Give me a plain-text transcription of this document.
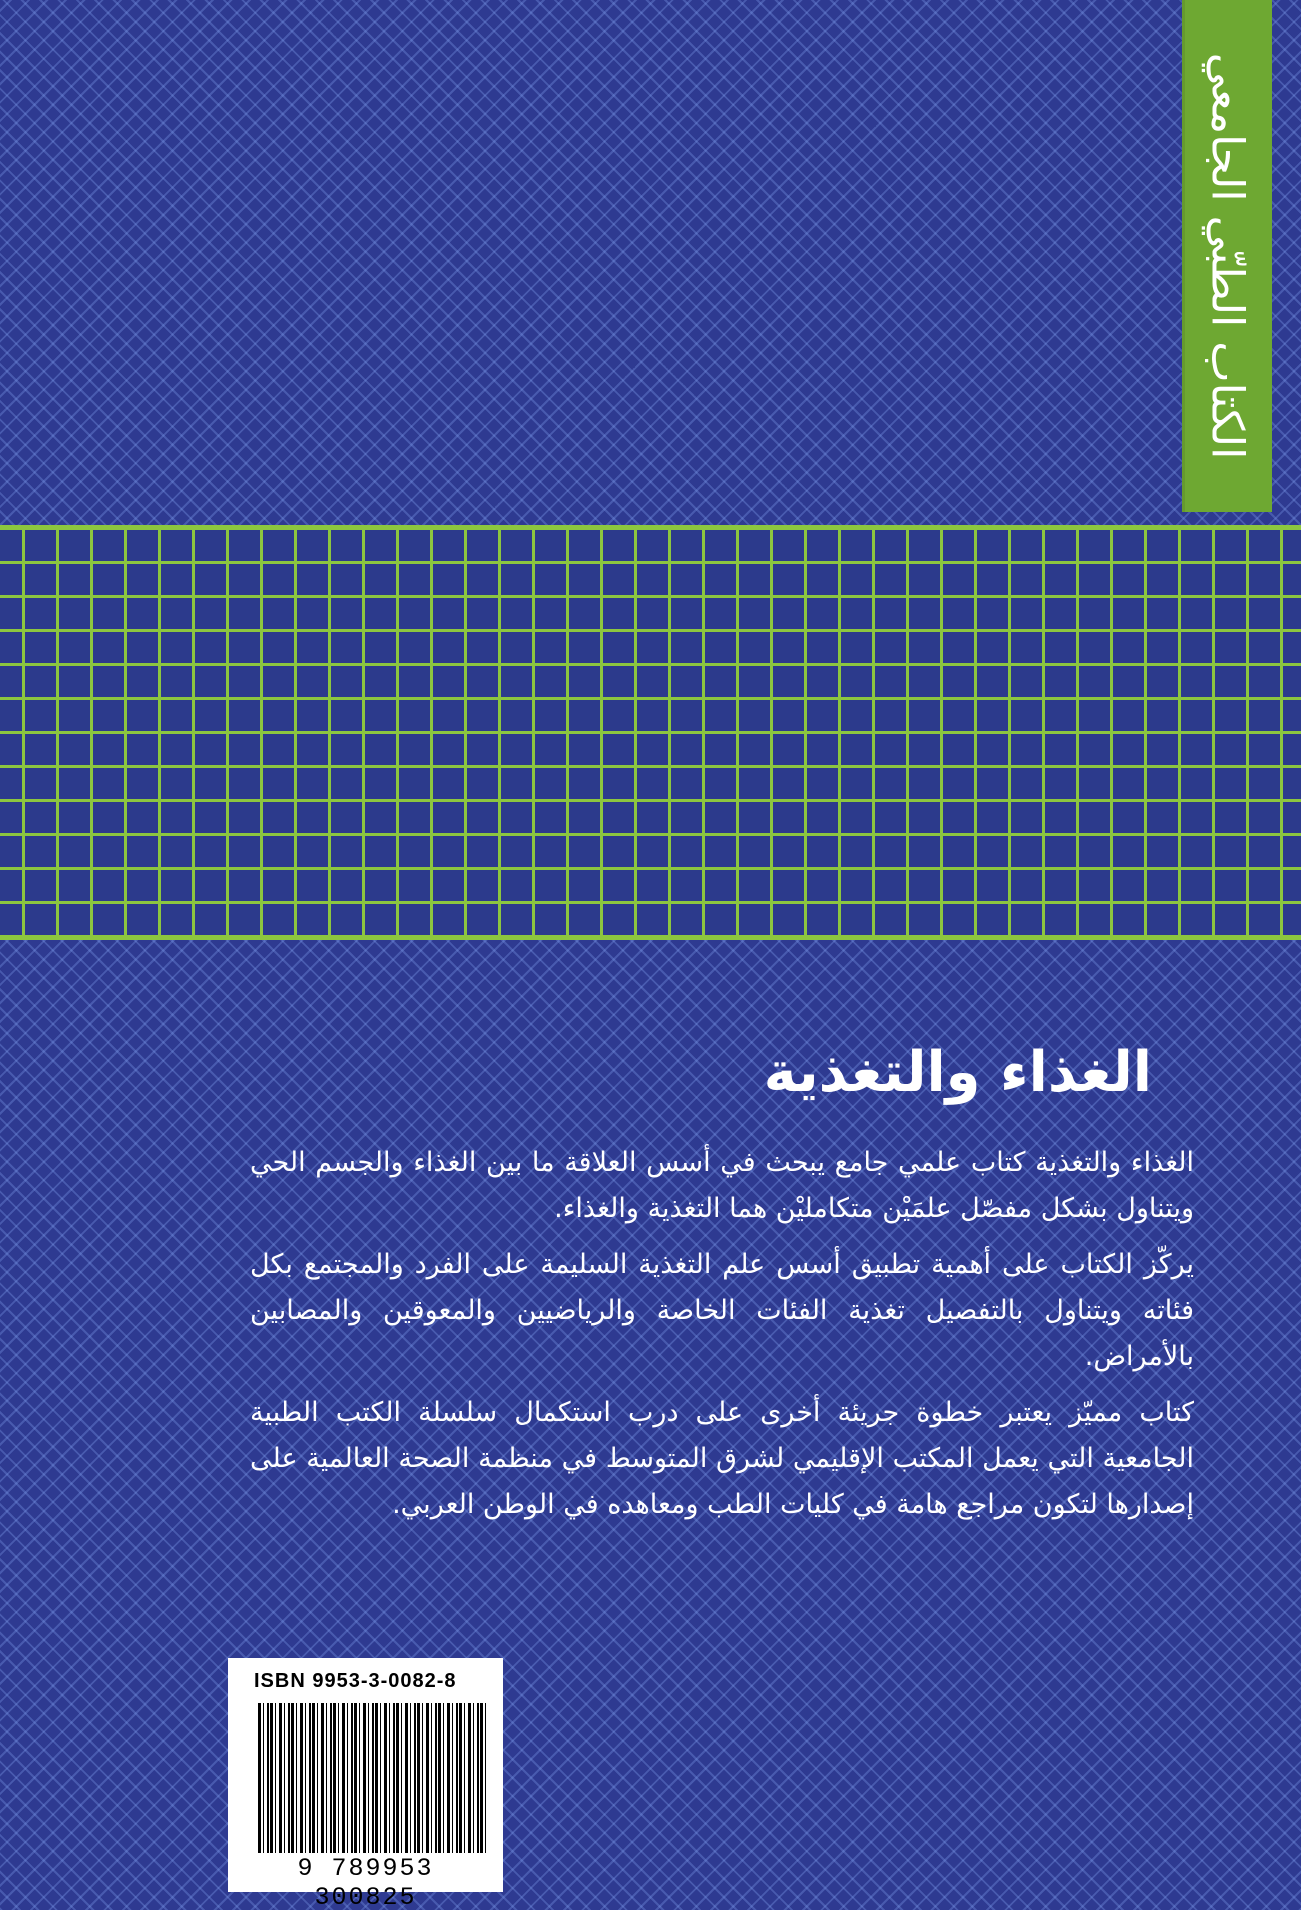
الكتاب الطبّي الجامعي
الغذاء والتغذية

الغذاء والتغذية كتاب علمي جامع يبحث في أسس العلاقة ما بين الغذاء والجسم الحي ويتناول بشكل مفصّل علمَيْن متكامليْن هما التغذية والغذاء.

يركّز الكتاب على أهمية تطبيق أسس علم التغذية السليمة على الفرد والمجتمع بكل فئاته ويتناول بالتفصيل تغذية الفئات الخاصة والرياضيين والمعوقين والمصابين بالأمراض.

كتاب مميّز يعتبر خطوة جريئة أخرى على درب استكمال سلسلة الكتب الطبية الجامعية التي يعمل المكتب الإقليمي لشرق المتوسط في منظمة الصحة العالمية على إصدارها لتكون مراجع هامة في كليات الطب ومعاهده في الوطن العربي.

ISBN 9953-3-0082-8
9 789953 300825
